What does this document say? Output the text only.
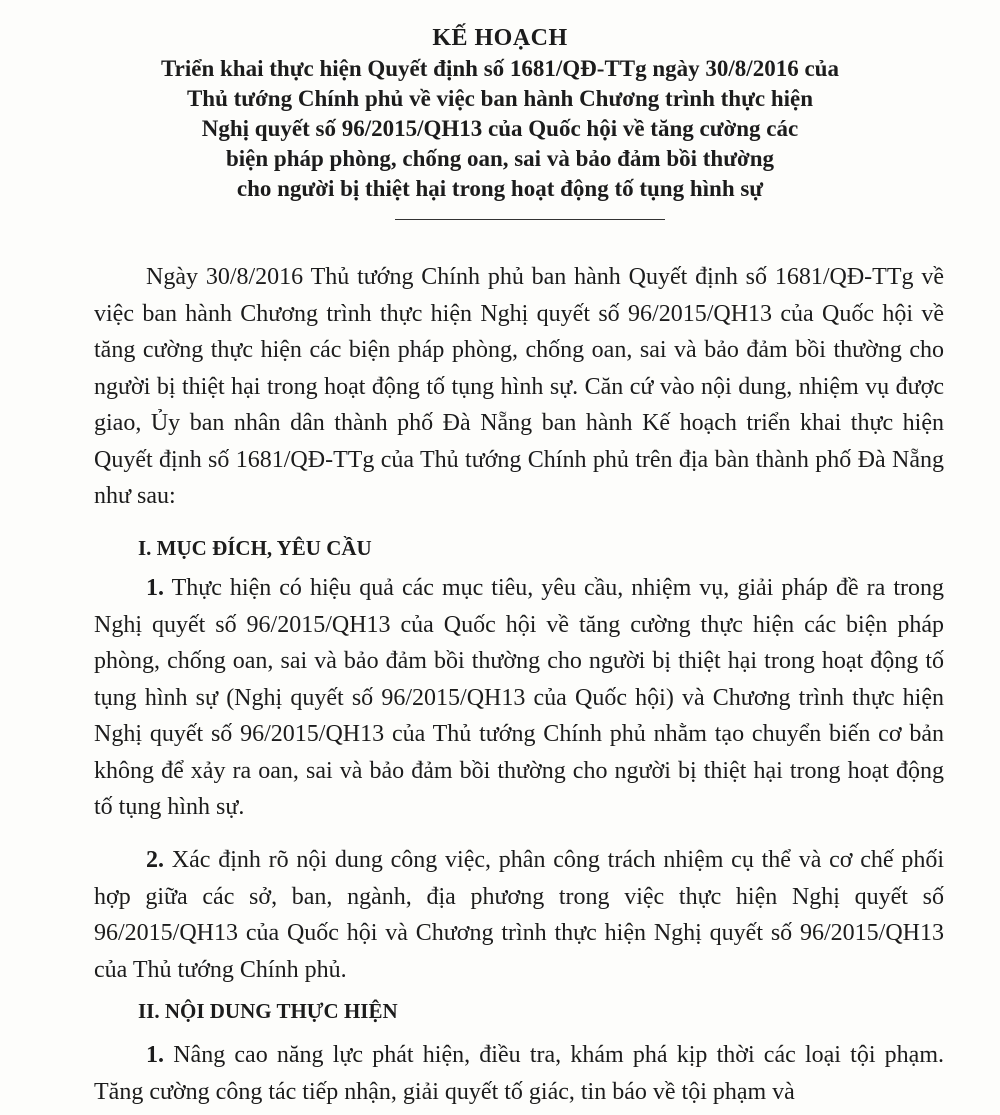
KẾ HOẠCH
Triển khai thực hiện Quyết định số 1681/QĐ-TTg ngày 30/8/2016 của
Thủ tướng Chính phủ về việc ban hành Chương trình thực hiện
Nghị quyết số 96/2015/QH13 của Quốc hội về tăng cường các
biện pháp phòng, chống oan, sai và bảo đảm bồi thường
cho người bị thiệt hại trong hoạt động tố tụng hình sự

Ngày 30/8/2016 Thủ tướng Chính phủ ban hành Quyết định số 1681/QĐ-TTg về việc ban hành Chương trình thực hiện Nghị quyết số 96/2015/QH13 của Quốc hội về tăng cường thực hiện các biện pháp phòng, chống oan, sai và bảo đảm bồi thường cho người bị thiệt hại trong hoạt động tố tụng hình sự. Căn cứ vào nội dung, nhiệm vụ được giao, Ủy ban nhân dân thành phố Đà Nẵng ban hành Kế hoạch triển khai thực hiện Quyết định số 1681/QĐ-TTg của Thủ tướng Chính phủ trên địa bàn thành phố Đà Nẵng như sau:

I. MỤC ĐÍCH, YÊU CẦU

1. Thực hiện có hiệu quả các mục tiêu, yêu cầu, nhiệm vụ, giải pháp đề ra trong Nghị quyết số 96/2015/QH13 của Quốc hội về tăng cường thực hiện các biện pháp phòng, chống oan, sai và bảo đảm bồi thường cho người bị thiệt hại trong hoạt động tố tụng hình sự (Nghị quyết số 96/2015/QH13 của Quốc hội) và Chương trình thực hiện Nghị quyết số 96/2015/QH13 của Thủ tướng Chính phủ nhằm tạo chuyển biến cơ bản không để xảy ra oan, sai và bảo đảm bồi thường cho người bị thiệt hại trong hoạt động tố tụng hình sự.

2. Xác định rõ nội dung công việc, phân công trách nhiệm cụ thể và cơ chế phối hợp giữa các sở, ban, ngành, địa phương trong việc thực hiện Nghị quyết số 96/2015/QH13 của Quốc hội và Chương trình thực hiện Nghị quyết số 96/2015/QH13 của Thủ tướng Chính phủ.

II. NỘI DUNG THỰC HIỆN

1. Nâng cao năng lực phát hiện, điều tra, khám phá kịp thời các loại tội phạm. Tăng cường công tác tiếp nhận, giải quyết tố giác, tin báo về tội phạm và
